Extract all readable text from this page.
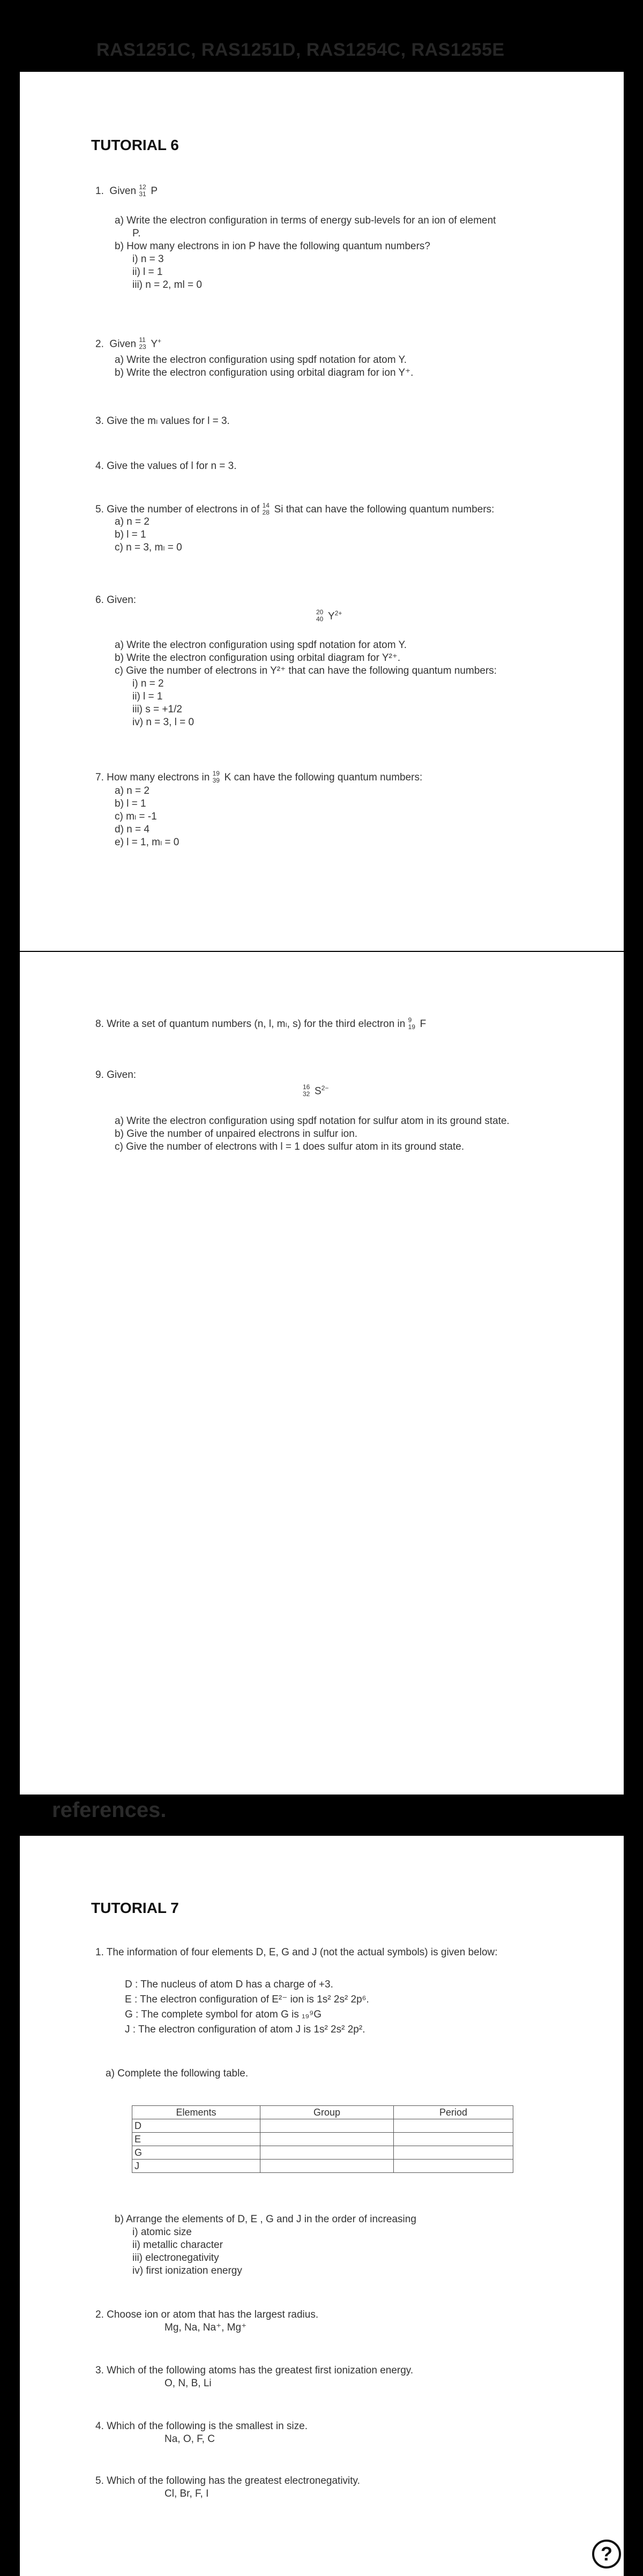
RAS1251C, RAS1251D, RAS1254C, RAS1255E
references.
TUTORIAL 6
1. Given 12
31 P
a) Write the electron configuration in terms of energy sub-levels for an ion of element
P.
b) How many electrons in ion P have the following quantum numbers?
i) n = 3
ii) l = 1
iii) n = 2, ml = 0
2. Given 11
23 Y+
a) Write the electron configuration using spdf notation for atom Y.
b) Write the electron configuration using orbital diagram for ion Y⁺.
3. Give the mₗ values for l = 3.
4. Give the values of l for n = 3.
5. Give the number of electrons in of 14
28 Si that can have the following quantum numbers:
a) n = 2
b) l = 1
c) n = 3, mₗ = 0
6. Given:
20
40 $Y^{2+}$
a) Write the electron configuration using spdf notation for atom Y.
b) Write the electron configuration using orbital diagram for Y²⁺.
c) Give the number of electrons in Y²⁺ that can have the following quantum numbers:
i) n = 2
ii) l = 1
iii) s = +1/2
iv) n = 3, l = 0
7. How many electrons in 19
39 K can have the following quantum numbers:
a) n = 2
b) l = 1
c) mₗ = -1
d) n = 4
e) l = 1, mₗ = 0
8. Write a set of quantum numbers (n, l, mₗ, s) for the third electron in 9
19 F
9. Given:
16
32 $S^{2-}$
a) Write the electron configuration using spdf notation for sulfur atom in its ground state.
b) Give the number of unpaired electrons in sulfur ion.
c) Give the number of electrons with l = 1 does sulfur atom in its ground state.
TUTORIAL 7
1. The information of four elements D, E, G and J (not the actual symbols) is given below:
D : The nucleus of atom D has a charge of +3.
E : The electron configuration of E²⁻ ion is 1s² 2s² 2p⁶.
G : The complete symbol for atom G is ₁₉⁹G
J : The electron configuration of atom J is 1s² 2s² 2p².
a) Complete the following table.
Elements	Group	Period
D		
E		
G		
J		
b) Arrange the elements of D, E , G and J in the order of increasing
i) atomic size
ii) metallic character
iii) electronegativity
iv) first ionization energy
2. Choose ion or atom that has the largest radius.
Mg, Na, Na⁺, Mg⁺
3. Which of the following atoms has the greatest first ionization energy.
O, N, B, Li
4. Which of the following is the smallest in size.
Na, O, F, C
5. Which of the following has the greatest electronegativity.
Cl, Br, F, I
?
